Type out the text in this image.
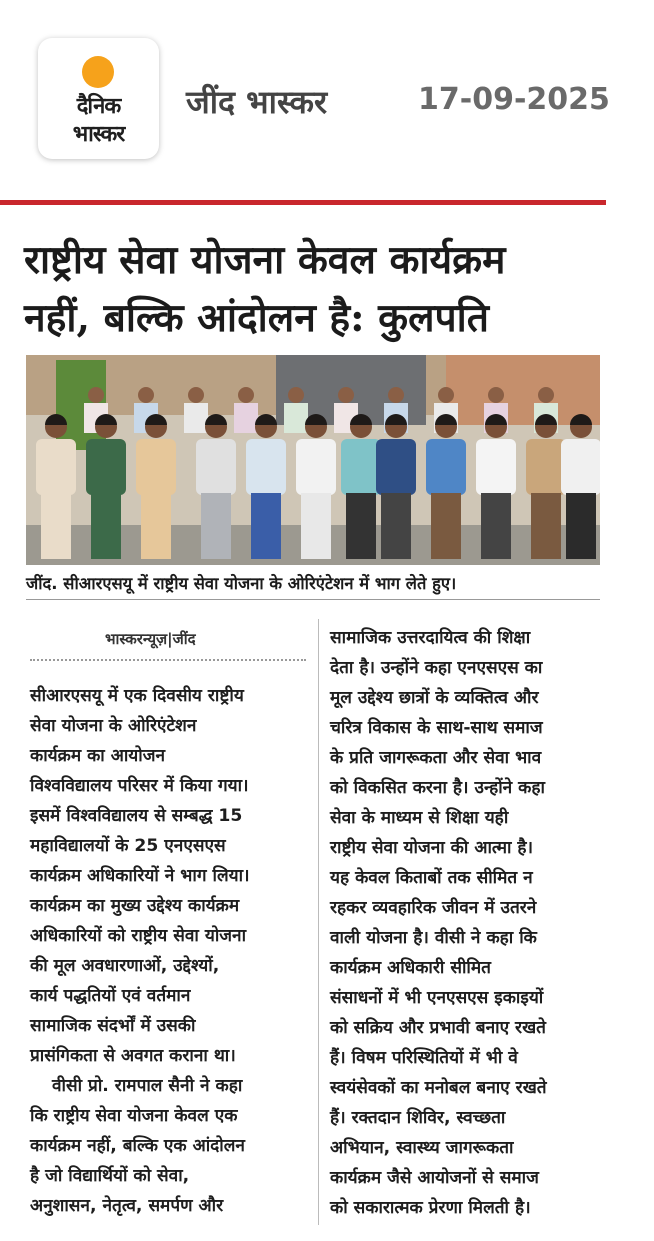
दैनिक
भास्कर
जींद भास्कर	17-09-2025
राष्ट्रीय सेवा योजना केवल कार्यक्रम
नहीं, बल्कि आंदोलन है: कुलपति
जींद. सीआरएसयू में राष्ट्रीय सेवा योजना के ओरिएंटेशन में भाग लेते हुए।
भास्करन्यूज़|जींद
सीआरएसयू में एक दिवसीय राष्ट्रीय
सेवा योजना के ओरिएंटेशन
कार्यक्रम का आयोजन
विश्वविद्यालय परिसर में किया गया।
इसमें विश्वविद्यालय से सम्बद्ध 15
महाविद्यालयों के 25 एनएसएस
कार्यक्रम अधिकारियों ने भाग लिया।
कार्यक्रम का मुख्य उद्देश्य कार्यक्रम
अधिकारियों को राष्ट्रीय सेवा योजना
की मूल अवधारणाओं, उद्देश्यों,
कार्य पद्धतियों एवं वर्तमान
सामाजिक संदर्भों में उसकी
प्रासंगिकता से अवगत कराना था।
वीसी प्रो. रामपाल सैनी ने कहा
कि राष्ट्रीय सेवा योजना केवल एक
कार्यक्रम नहीं, बल्कि एक आंदोलन
है जो विद्यार्थियों को सेवा,
अनुशासन, नेतृत्व, समर्पण और
सामाजिक उत्तरदायित्व की शिक्षा
देता है। उन्होंने कहा एनएसएस का
मूल उद्देश्य छात्रों के व्यक्तित्व और
चरित्र विकास के साथ-साथ समाज
के प्रति जागरूकता और सेवा भाव
को विकसित करना है। उन्होंने कहा
सेवा के माध्यम से शिक्षा यही
राष्ट्रीय सेवा योजना की आत्मा है।
यह केवल किताबों तक सीमित न
रहकर व्यवहारिक जीवन में उतरने
वाली योजना है। वीसी ने कहा कि
कार्यक्रम अधिकारी सीमित
संसाधनों में भी एनएसएस इकाइयों
को सक्रिय और प्रभावी बनाए रखते
हैं। विषम परिस्थितियों में भी वे
स्वयंसेवकों का मनोबल बनाए रखते
हैं। रक्तदान शिविर, स्वच्छता
अभियान, स्वास्थ्य जागरूकता
कार्यक्रम जैसे आयोजनों से समाज
को सकारात्मक प्रेरणा मिलती है।
